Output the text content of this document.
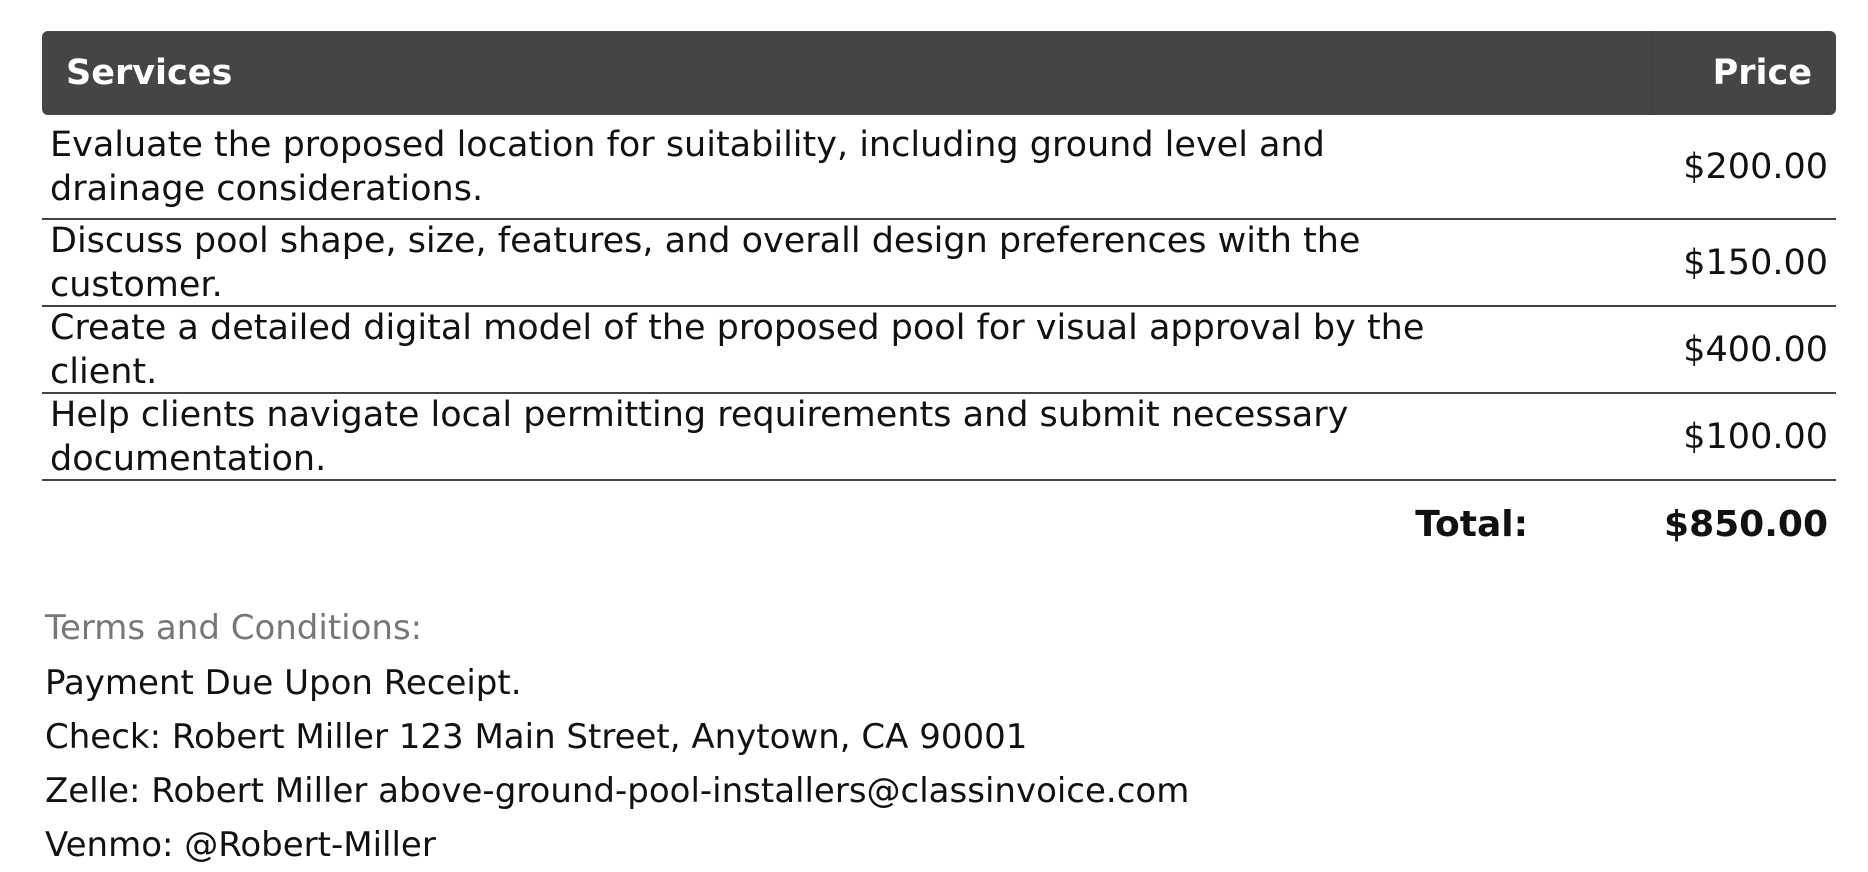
Services	Price
Evaluate the proposed location for suitability, including ground level and drainage considerations.
$200.00
Discuss pool shape, size, features, and overall design preferences with the customer.
$150.00
Create a detailed digital model of the proposed pool for visual approval by the client.
$400.00
Help clients navigate local permitting requirements and submit necessary documentation.
$100.00
Total:	$850.00
Terms and Conditions:
Payment Due Upon Receipt.
Check: Robert Miller 123 Main Street, Anytown, CA 90001
Zelle: Robert Miller above-ground-pool-installers@classinvoice.com
Venmo: @Robert-Miller
